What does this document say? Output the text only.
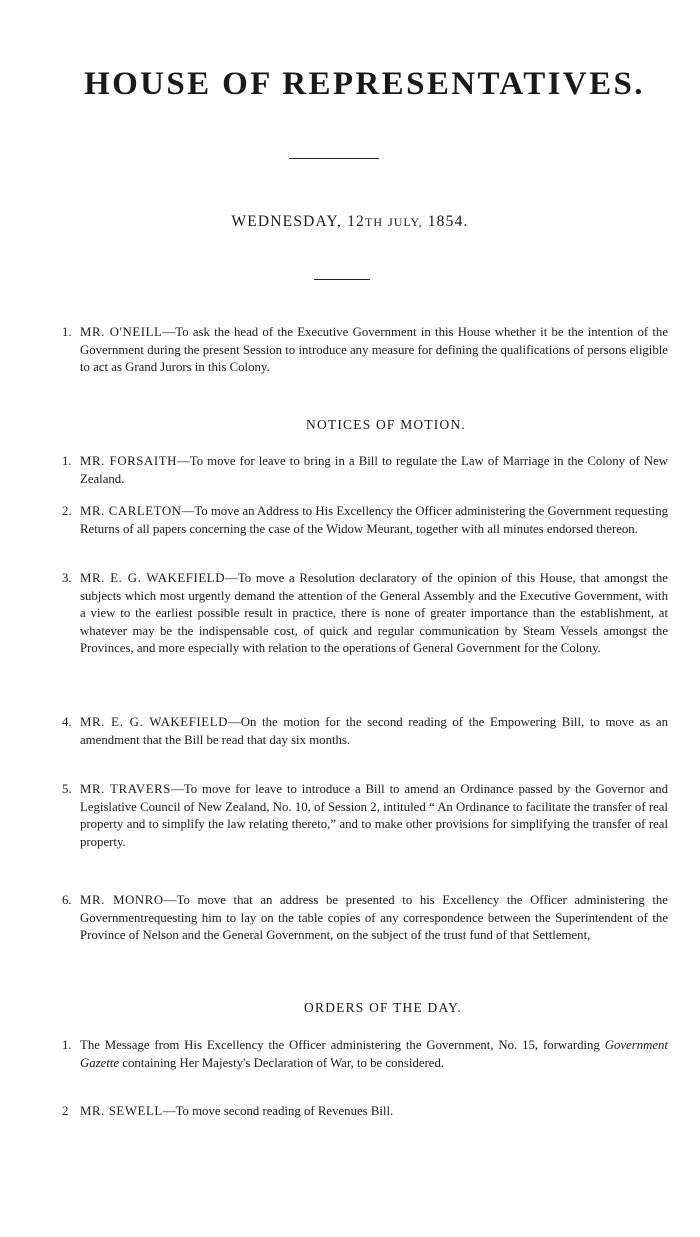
HOUSE OF REPRESENTATIVES.
WEDNESDAY, 12TH JULY, 1854.
1. MR. O'NEILL—To ask the head of the Executive Government in this House whether it be the intention of the Government during the present Session to introduce any measure for defining the qualifications of persons eligible to act as Grand Jurors in this Colony.
NOTICES OF MOTION.
1. MR. FORSAITH—To move for leave to bring in a Bill to regulate the Law of Marriage in the Colony of New Zealand.
2. MR. CARLETON—To move an Address to His Excellency the Officer administering the Government requesting Returns of all papers concerning the case of the Widow Meurant, together with all minutes endorsed thereon.
3. MR. E. G. WAKEFIELD—To move a Resolution declaratory of the opinion of this House, that amongst the subjects which most urgently demand the attention of the General Assembly and the Executive Government, with a view to the earliest possible result in practice, there is none of greater importance than the establishment, at whatever may be the indispensable cost, of quick and regular communication by Steam Vessels amongst the Provinces, and more especially with relation to the operations of General Government for the Colony.
4. MR. E. G. WAKEFIELD—On the motion for the second reading of the Empowering Bill, to move as an amendment that the Bill be read that day six months.
5. MR. TRAVERS—To move for leave to introduce a Bill to amend an Ordinance passed by the Governor and Legislative Council of New Zealand, No. 10, of Session 2, intituled “ An Ordinance to facilitate the transfer of real property and to simplify the law relating thereto,” and to make other provisions for simplifying the transfer of real property.
6. MR. MONRO—To move that an address be presented to his Excellency the Officer administering the Governmentrequesting him to lay on the table copies of any correspondence between the Superintendent of the Province of Nelson and the General Government, on the subject of the trust fund of that Settlement,
ORDERS OF THE DAY.
1. The Message from His Excellency the Officer administering the Government, No. 15, forwarding Government Gazette containing Her Majesty's Declaration of War, to be considered.
2 MR. SEWELL—To move second reading of Revenues Bill.
